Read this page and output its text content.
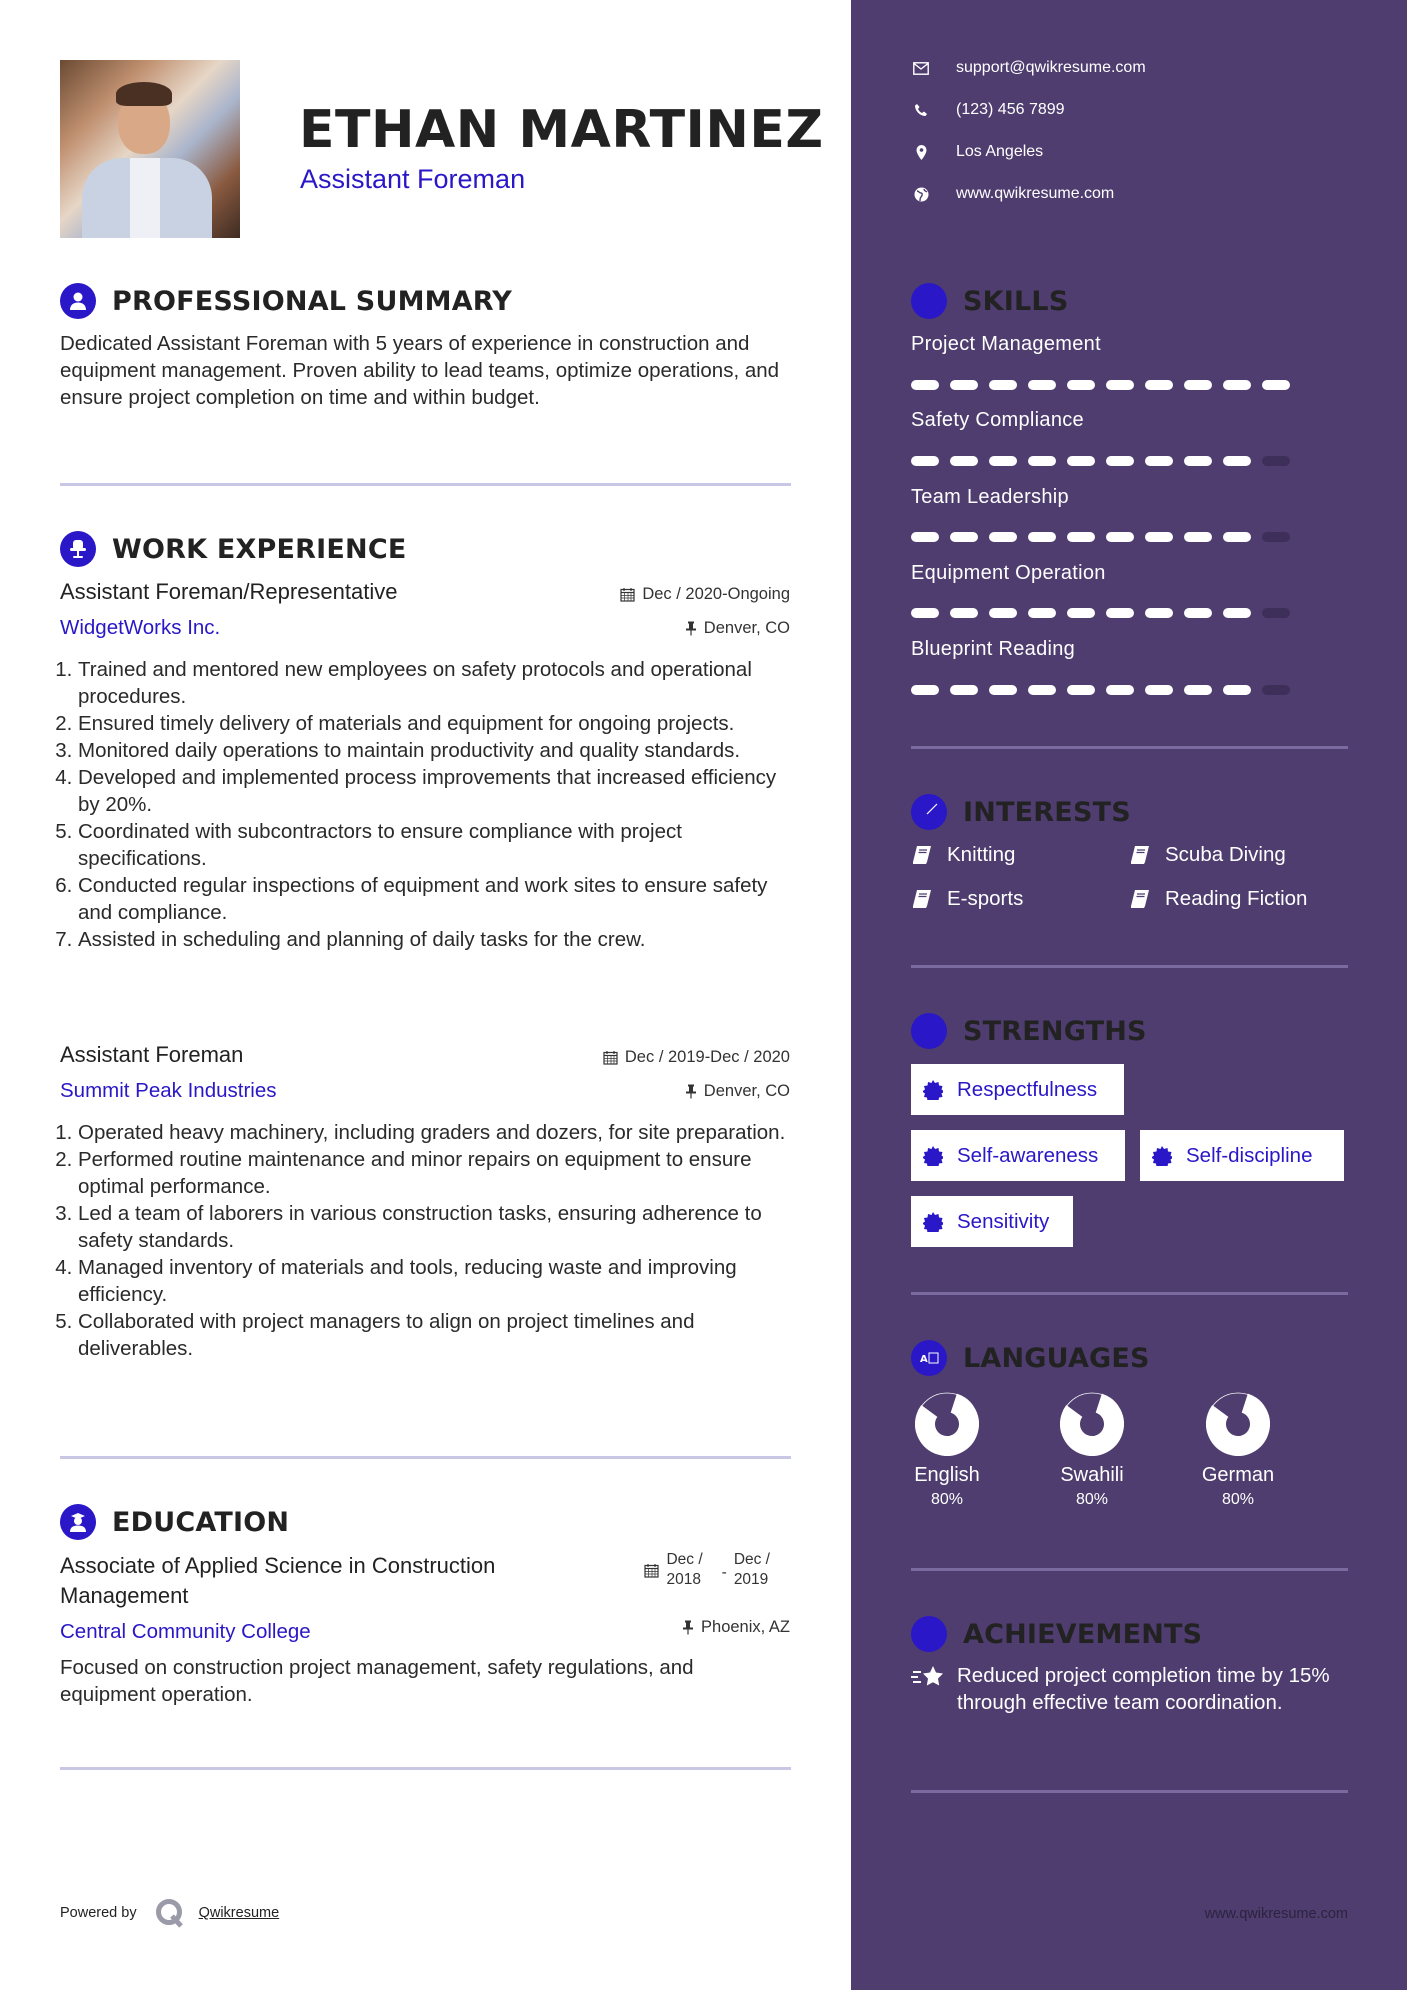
ETHAN MARTINEZ
Assistant Foreman
PROFESSIONAL SUMMARY
Dedicated Assistant Foreman with 5 years of experience in construction and equipment management. Proven ability to lead teams, optimize operations, and ensure project completion on time and within budget.
WORK EXPERIENCE
Assistant Foreman/Representative	Dec / 2020-Ongoing
WidgetWorks Inc.	Denver, CO
1. Trained and mentored new employees on safety protocols and operational procedures.
2. Ensured timely delivery of materials and equipment for ongoing projects.
3. Monitored daily operations to maintain productivity and quality standards.
4. Developed and implemented process improvements that increased efficiency by 20%.
5. Coordinated with subcontractors to ensure compliance with project specifications.
6. Conducted regular inspections of equipment and work sites to ensure safety and compliance.
7. Assisted in scheduling and planning of daily tasks for the crew.
Assistant Foreman	Dec / 2019-Dec / 2020
Summit Peak Industries	Denver, CO
1. Operated heavy machinery, including graders and dozers, for site preparation.
2. Performed routine maintenance and minor repairs on equipment to ensure optimal performance.
3. Led a team of laborers in various construction tasks, ensuring adherence to safety standards.
4. Managed inventory of materials and tools, reducing waste and improving efficiency.
5. Collaborated with project managers to align on project timelines and deliverables.
EDUCATION
Associate of Applied Science in Construction Management
Dec /
2018 -
Dec /
2019
Central Community College	Phoenix, AZ
Focused on construction project management, safety regulations, and equipment operation.
Powered by	Qwikresume
support@qwikresume.com
(123) 456 7899
Los Angeles
www.qwikresume.com
SKILLS
Project Management
Safety Compliance
Team Leadership
Equipment Operation
Blueprint Reading
INTERESTS
Knitting	Scuba Diving
E-sports	Reading Fiction
STRENGTHS
Respectfulness
Self-awareness	Self-discipline
Sensitivity
A LANGUAGES
English
80%
Swahili
80%
German
80%
ACHIEVEMENTS
Reduced project completion time by 15% through effective team coordination.
www.qwikresume.com
